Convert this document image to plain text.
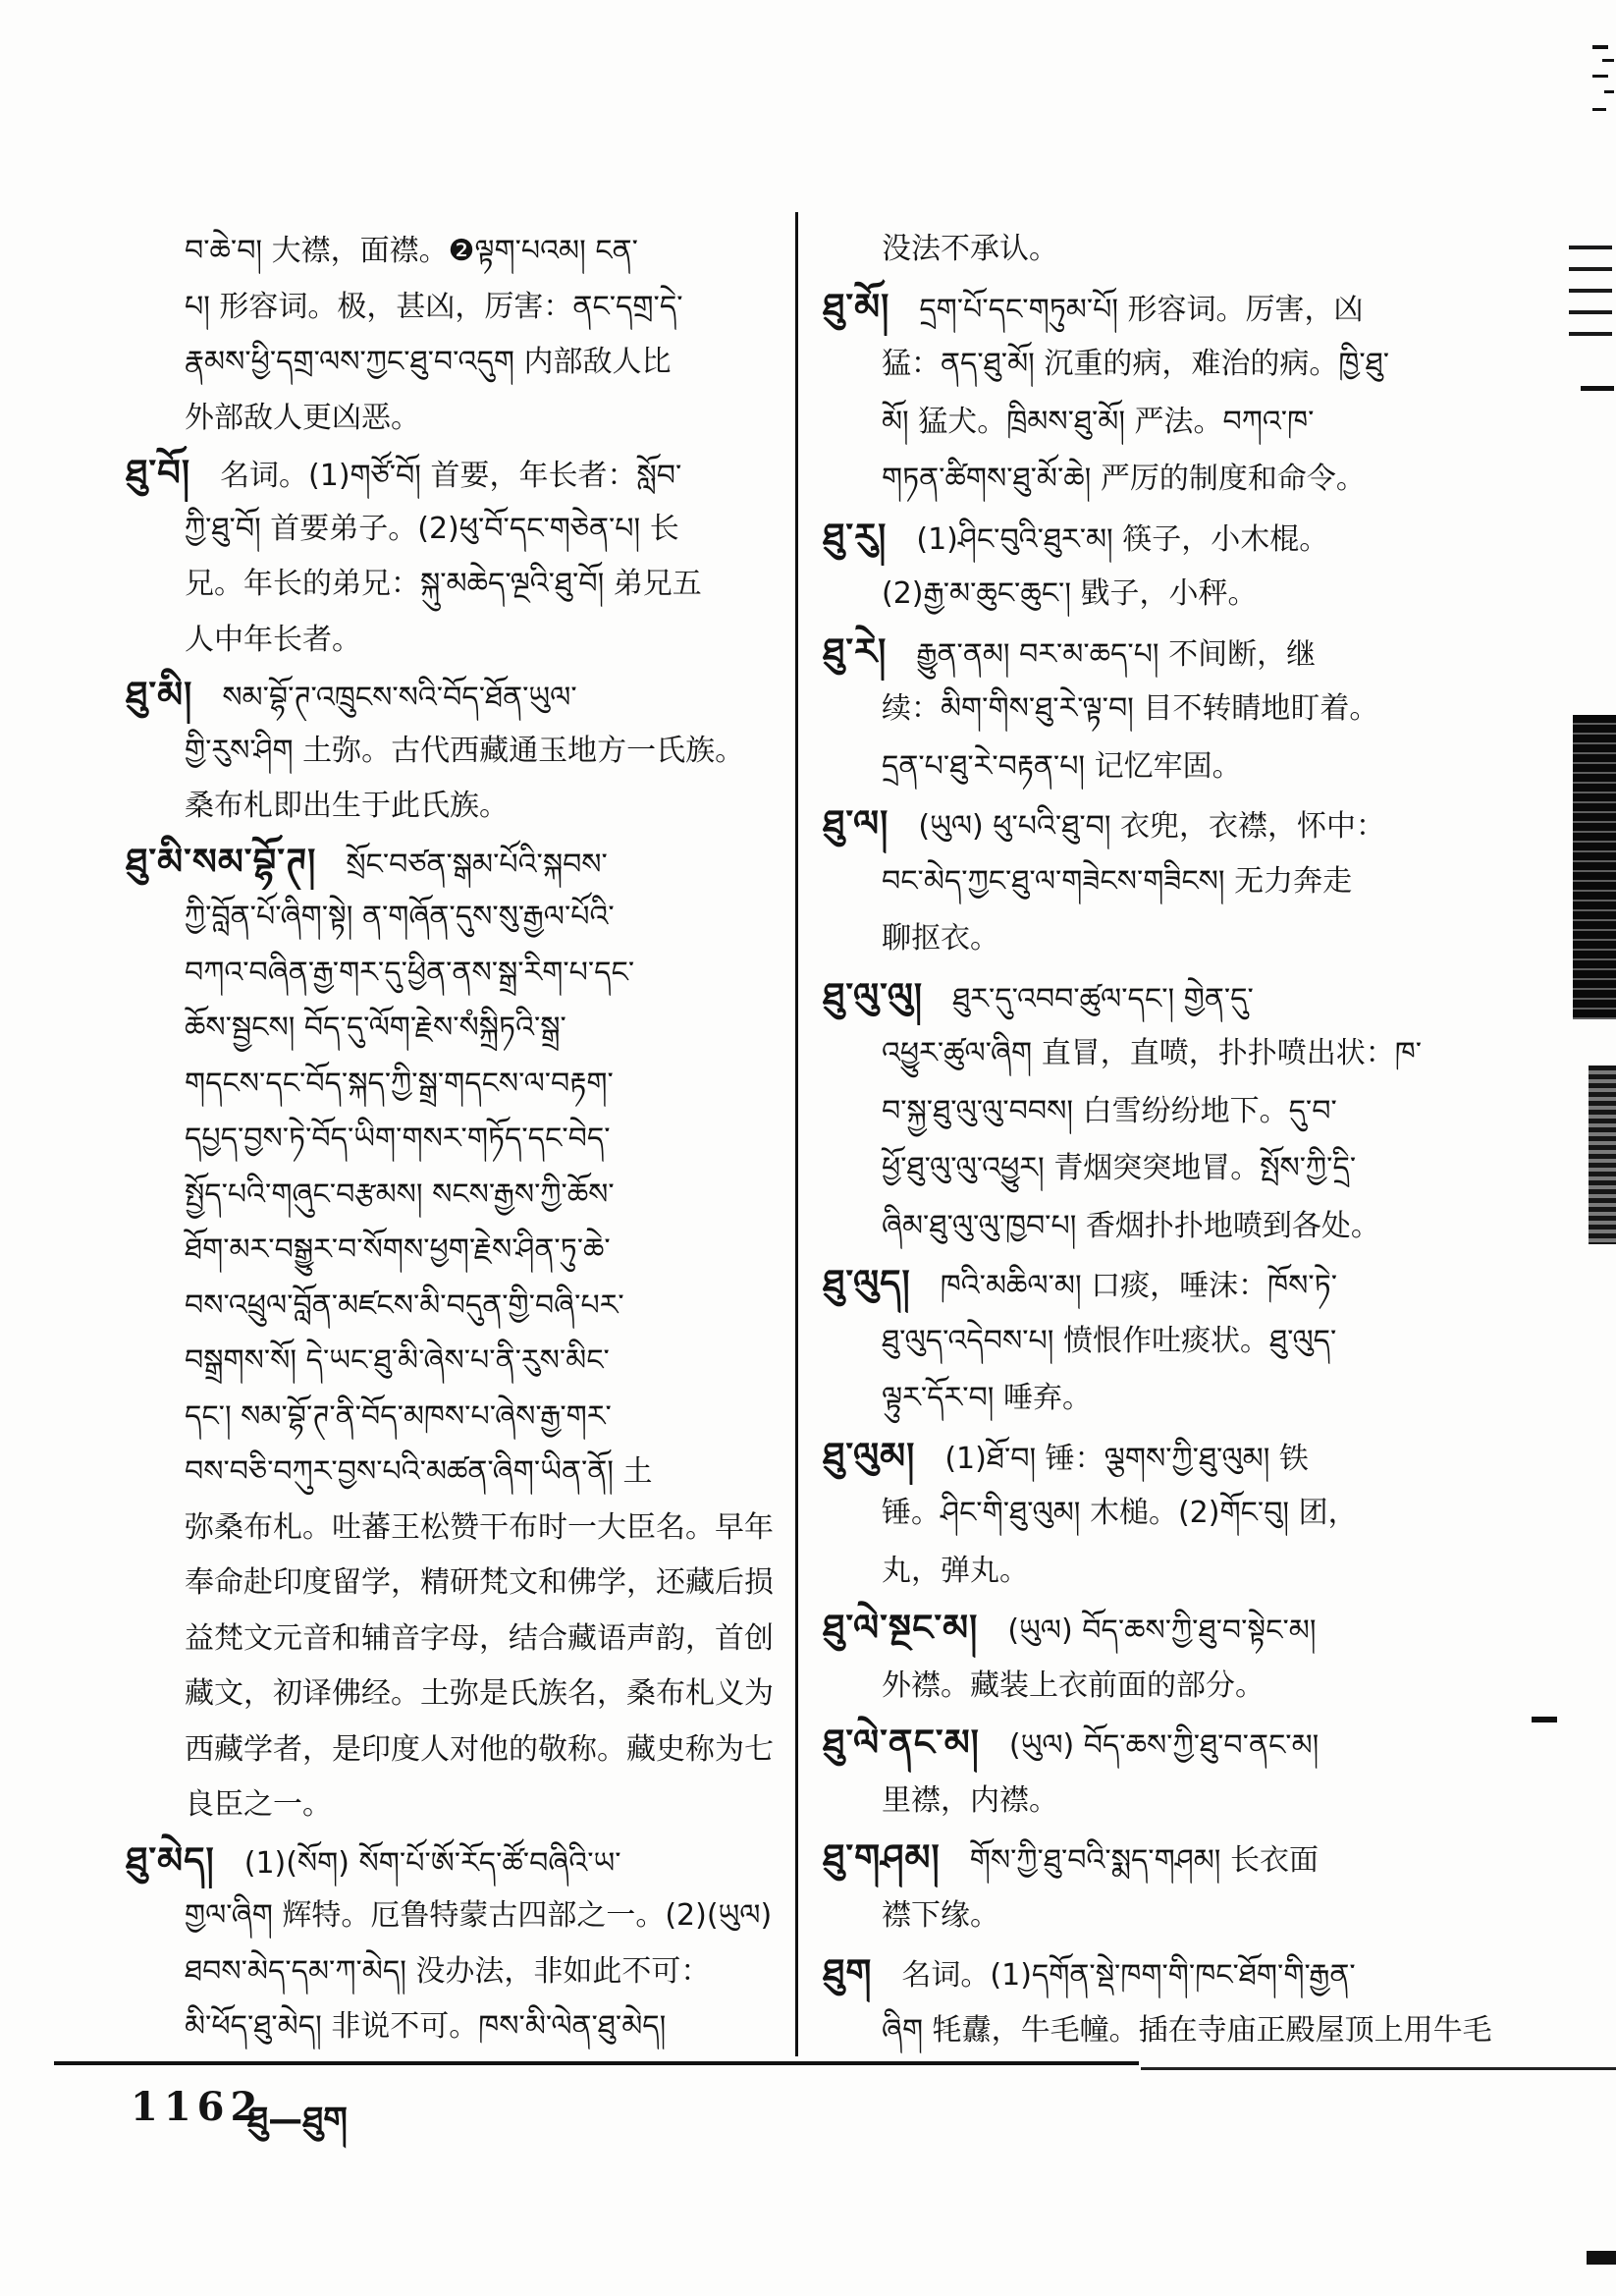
བ་ཆེ་བ། 大襟，面襟。❷ལྟག་པའམ། ངན་
པ། 形容词。极，甚凶，厉害：ནང་དགྲ་དེ་
རྣམས་ཕྱི་དགྲ་ལས་ཀྱང་ཐུ་བ་འདུག 内部敌人比
外部敌人更凶恶。
ཐུ་བོ། 名词。(1)གཙོ་བོ། 首要，年长者：སློབ་
ཀྱི་ཐུ་བོ། 首要弟子。(2)ཕུ་བོ་དང་གཅེན་པ། 长
兄。年长的弟兄：སྐུ་མཆེད་ལྔའི་ཐུ་བོ། 弟兄五
人中年长者。
ཐུ་མི། སམ་བྷོ་ཊ་འཁྲུངས་སའི་བོད་ཐོན་ཡུལ་
གྱི་རུས་ཤིག 土弥。古代西藏通玉地方一氏族。
桑布札即出生于此氏族。
ཐུ་མི་སམ་བྷོ་ཊ། སྲོང་བཙན་སྒམ་པོའི་སྐབས་
ཀྱི་བློན་པོ་ཞིག་སྟེ། ན་གཞོན་དུས་སུ་རྒྱལ་པོའི་
བཀའ་བཞིན་རྒྱ་གར་དུ་ཕྱིན་ནས་སྒྲ་རིག་པ་དང་
ཆོས་སྦྱངས། བོད་དུ་ལོག་རྗེས་སཾསྐྲིཏའི་སྒྲ་
གདངས་དང་བོད་སྐད་ཀྱི་སྒྲ་གདངས་ལ་བརྟག་
དཔྱད་བྱས་ཏེ་བོད་ཡིག་གསར་གཏོད་དང་བེད་
སྤྱོད་པའི་གཞུང་བརྩམས། སངས་རྒྱས་ཀྱི་ཆོས་
ཐོག་མར་བསྒྱུར་བ་སོགས་ཕྱག་རྗེས་ཤིན་ཏུ་ཆེ་
བས་འཕྲུལ་བློན་མཛངས་མི་བདུན་གྱི་བཞི་པར་
བསྒྲགས་སོ། དེ་ཡང་ཐུ་མི་ཞེས་པ་ནི་རུས་མིང་
དང་། སམ་བྷོ་ཊ་ནི་བོད་མཁས་པ་ཞེས་རྒྱ་གར་
བས་བཅི་བཀུར་བྱས་པའི་མཚན་ཞིག་ཡིན་ནོ། 土
弥桑布札。吐蕃王松赞干布时一大臣名。早年
奉命赴印度留学，精研梵文和佛学，还藏后损
益梵文元音和辅音字母，结合藏语声韵，首创
藏文，初译佛经。土弥是氏族名，桑布札义为
西藏学者，是印度人对他的敬称。藏史称为七
良臣之一。
ཐུ་མེད། (1)(སོག) སོག་པོ་ཨོ་རོད་ཚོ་བཞིའི་ཡ་
གྱལ་ཞིག 辉特。厄鲁特蒙古四部之一。(2)(ཡུལ)
ཐབས་མེད་དམ་ཀ་མེད། 没办法，非如此不可：
མི་ཕོད་ཐུ་མེད། 非说不可。ཁས་མི་ལེན་ཐུ་མེད།
没法不承认。
ཐུ་མོ། དྲག་པོ་དང་གཏུམ་པོ། 形容词。厉害，凶
猛：ནད་ཐུ་མོ། 沉重的病，难治的病。ཁྱི་ཐུ་
མོ། 猛犬。ཁྲིམས་ཐུ་མོ། 严法。བཀའ་ཁ་
གཏན་ཚིགས་ཐུ་མོ་ཆེ། 严厉的制度和命令。
ཐུ་རུ། (1)ཤིང་བུའི་ཐུར་མ། 筷子，小木棍。
(2)རྒྱ་མ་ཆུང་ཆུང་། 戥子，小秤。
ཐུ་རེ། རྒྱུན་ནམ། བར་མ་ཆད་པ། 不间断，继
续：མིག་གིས་ཐུ་རེ་ལྟ་བ། 目不转睛地盯着。
དྲན་པ་ཐུ་རེ་བརྟན་པ། 记忆牢固。
ཐུ་ལ། (ཡུལ) ཕུ་པའི་ཐུ་བ། 衣兜，衣襟，怀中：
བང་མེད་ཀྱང་ཐུ་ལ་གཟེངས་གཟིངས། 无力奔走
聊抠衣。
ཐུ་ལུ་ལུ། ཐུར་དུ་འབབ་ཚུལ་དང་། གྱེན་དུ་
འཕྱུར་ཚུལ་ཞིག 直冒，直喷，扑扑喷出状：ཁ་
བ་སྐྱ་ཐུ་ལུ་ལུ་བབས། 白雪纷纷地下。དུ་བ་
ཕྱོ་ཐུ་ལུ་ལུ་འཕྱུར། 青烟突突地冒。སྤོས་ཀྱི་དྲི་
ཞིམ་ཐུ་ལུ་ལུ་ཁྱབ་པ། 香烟扑扑地喷到各处。
ཐུ་ལུད། ཁའི་མཆིལ་མ། 口痰，唾沫：ཁོས་ཏེ་
ཐུ་ལུད་འདེབས་པ། 愤恨作吐痰状。ཐུ་ལུད་
ལྟུར་དོར་བ། 唾弃。
ཐུ་ལུམ། (1)ཐོ་བ། 锤：ལྕགས་ཀྱི་ཐུ་ལུམ། 铁
锤。ཤིང་གི་ཐུ་ལུམ། 木槌。(2)གོང་བུ། 团，
丸，弹丸。
ཐུ་ལེ་སྔང་མ། (ཡུལ) བོད་ཆས་ཀྱི་ཐུ་བ་སྟེང་མ།
外襟。藏装上衣前面的部分。
ཐུ་ལེ་ནང་མ། (ཡུལ) བོད་ཆས་ཀྱི་ཐུ་བ་ནང་མ།
里襟，内襟。
ཐུ་གཤམ། གོས་ཀྱི་ཐུ་བའི་སྨད་གཤམ། 长衣面
襟下缘。
ཐུག 名词。(1)དགོན་སྡེ་ཁག་གི་ཁང་ཐོག་གི་རྒྱན་
ཞིག 牦纛，牛毛幢。插在寺庙正殿屋顶上用牛毛
1162
ཐུ—ཐུག
